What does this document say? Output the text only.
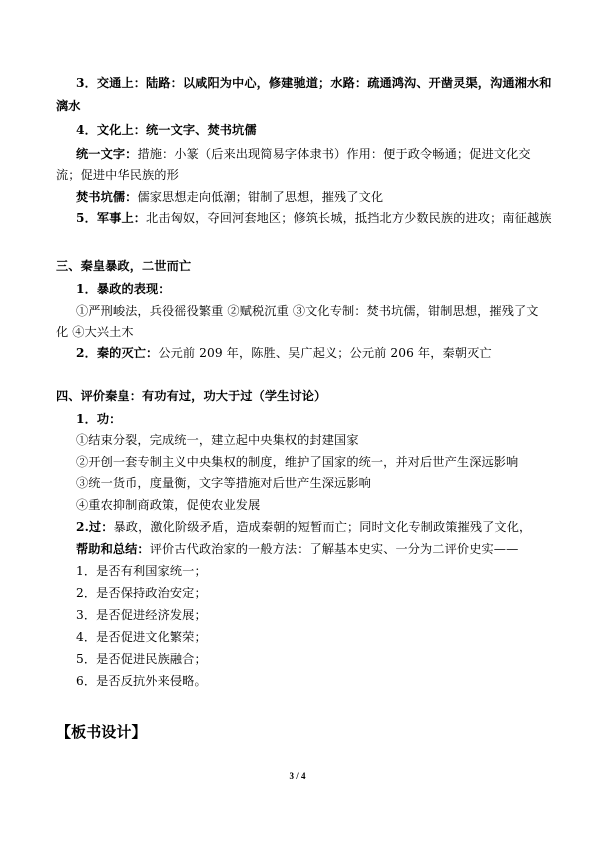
3．交通上：陆路：以咸阳为中心，修建驰道；水路：疏通鸿沟、开凿灵渠，沟通湘水和
漓水
4．文化上：统一文字、焚书坑儒
统一文字：措施：小篆（后来出现简易字体隶书）作用：便于政令畅通；促进文化交
流；促进中华民族的形
焚书坑儒：儒家思想走向低潮；钳制了思想，摧残了文化
5．军事上：北击匈奴，夺回河套地区；修筑长城，抵挡北方少数民族的进攻；南征越族
三、秦皇暴政，二世而亡
1．暴政的表现：
①严刑峻法，兵役徭役繁重 ②赋税沉重 ③文化专制：焚书坑儒，钳制思想，摧残了文
化 ④大兴土木
2．秦的灭亡：公元前 209 年，陈胜、吴广起义；公元前 206 年，秦朝灭亡
四、评价秦皇：有功有过，功大于过（学生讨论）
1．功：
①结束分裂，完成统一，建立起中央集权的封建国家
②开创一套专制主义中央集权的制度，维护了国家的统一，并对后世产生深远影响
③统一货币，度量衡，文字等措施对后世产生深远影响
④重农抑制商政策，促使农业发展
2.过：暴政，激化阶级矛盾，造成秦朝的短暂而亡；同时文化专制政策摧残了文化，
帮助和总结：评价古代政治家的一般方法：了解基本史实、一分为二评价史实——
1．是否有利国家统一；
2．是否保持政治安定；
3．是否促进经济发展；
4．是否促进文化繁荣；
5．是否促进民族融合；
6．是否反抗外来侵略。
【板书设计】
3 / 4
